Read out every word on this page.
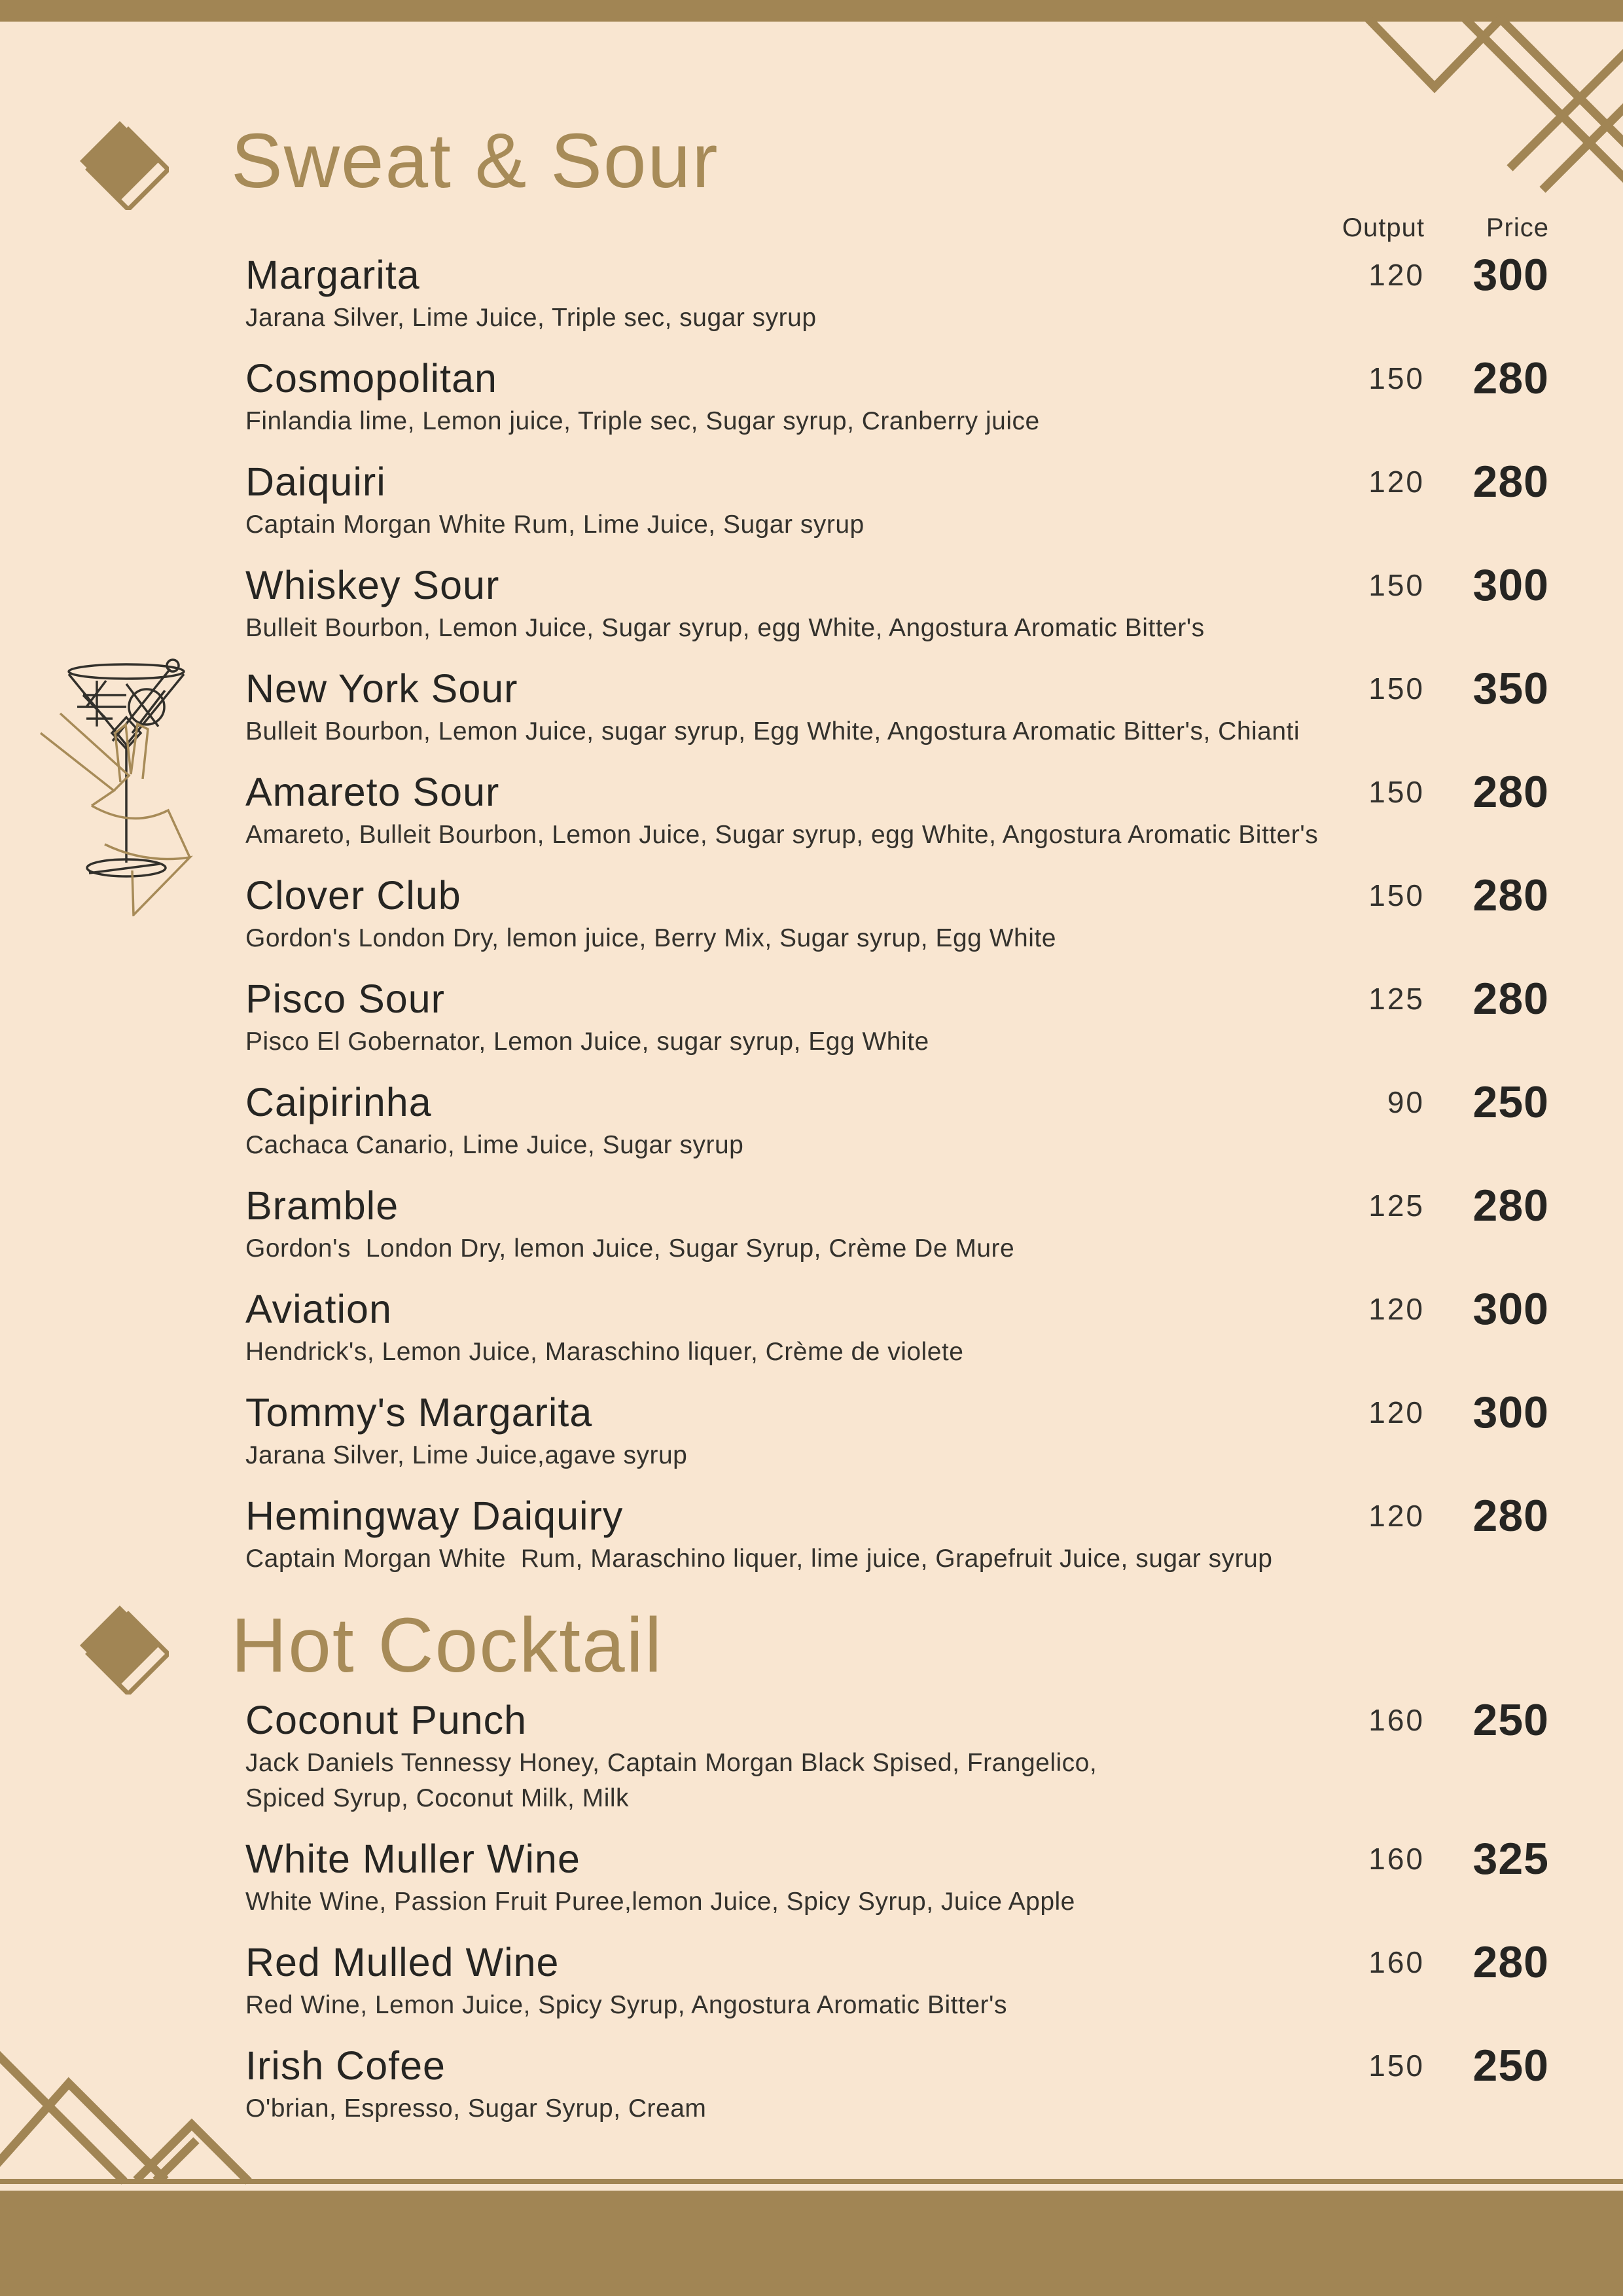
Sweat & Sour
Output Price
Margarita
Jarana Silver, Lime Juice, Triple sec, sugar syrup
120 300
Cosmopolitan
Finlandia lime, Lemon juice, Triple sec, Sugar syrup, Cranberry juice
150 280
Daiquiri
Captain Morgan White Rum, Lime Juice, Sugar syrup
120 280
Whiskey Sour
Bulleit Bourbon, Lemon Juice, Sugar syrup, egg White, Angostura Aromatic Bitter's
150 300
New York Sour
Bulleit Bourbon, Lemon Juice, sugar syrup, Egg White, Angostura Aromatic Bitter's, Chianti
150 350
Amareto Sour
Amareto, Bulleit Bourbon, Lemon Juice, Sugar syrup, egg White, Angostura Aromatic Bitter's
150 280
Clover Club
Gordon's London Dry, lemon juice, Berry Mix, Sugar syrup, Egg White
150 280
Pisco Sour
Pisco El Gobernator, Lemon Juice, sugar syrup, Egg White
125 280
Caipirinha
Cachaca Canario, Lime Juice, Sugar syrup
90 250
Bramble
Gordon's  London Dry, lemon Juice, Sugar Syrup, Crème De Mure
125 280
Aviation
Hendrick's, Lemon Juice, Maraschino liquer, Crème de violete
120 300
Tommy's Margarita
Jarana Silver, Lime Juice,agave syrup
120 300
Hemingway Daiquiry
Captain Morgan White  Rum, Maraschino liquer, lime juice, Grapefruit Juice, sugar syrup
120 280
Hot Cocktail
Coconut Punch
Jack Daniels Tennessy Honey, Captain Morgan Black Spised, Frangelico,
Spiced Syrup, Coconut Milk, Milk
160 250
White Muller Wine
White Wine, Passion Fruit Puree,lemon Juice, Spicy Syrup, Juice Apple
160 325
Red Mulled Wine
Red Wine, Lemon Juice, Spicy Syrup, Angostura Aromatic Bitter's
160 280
Irish Cofee
O'brian, Espresso, Sugar Syrup, Cream
150 250
